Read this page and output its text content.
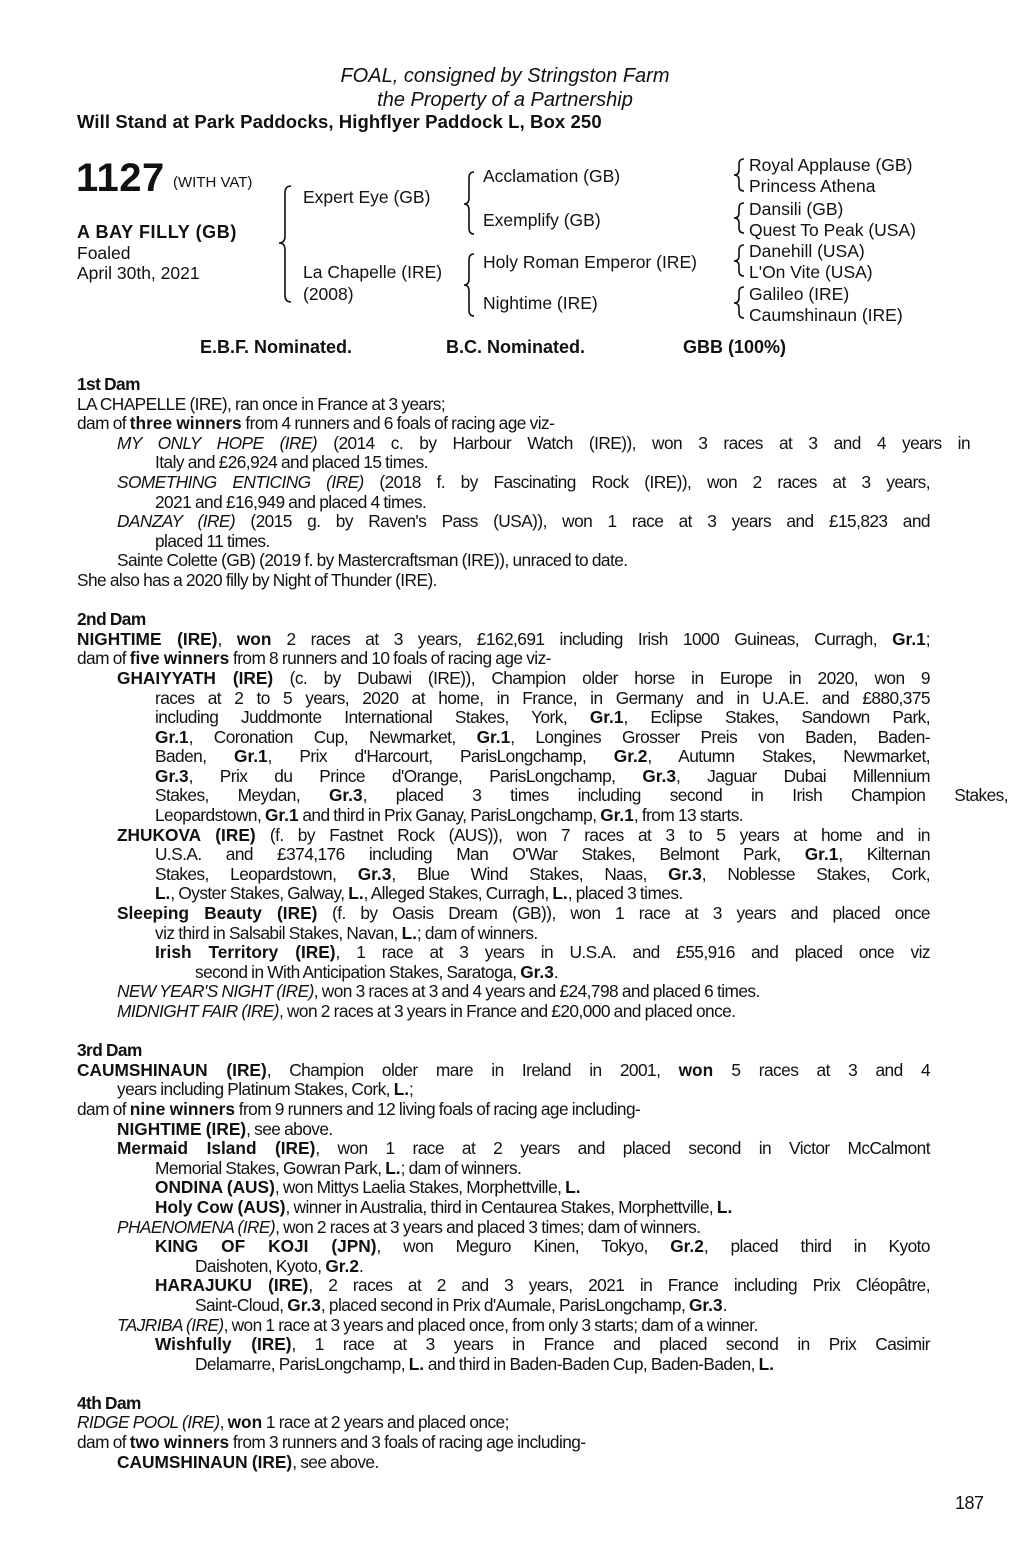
FOAL, consigned by Stringston Farm
the Property of a Partnership
Will Stand at Park Paddocks, Highflyer Paddock L, Box 250
1127 (WITH VAT)
A BAY FILLY (GB)
Foaled
April 30th, 2021
Expert Eye (GB)
La Chapelle (IRE)
(2008)
Acclamation (GB)
Exemplify (GB)
Holy Roman Emperor (IRE)
Nightime (IRE)
Royal Applause (GB)
Princess Athena
Dansili (GB)
Quest To Peak (USA)
Danehill (USA)
L'On Vite (USA)
Galileo (IRE)
Caumshinaun (IRE)
E.B.F. Nominated.	B.C. Nominated.	GBB (100%)
1st Dam
LA CHAPELLE (IRE), ran once in France at 3 years;
dam of three winners from 4 runners and 6 foals of racing age viz-
MY ONLY HOPE (IRE) (2014 c. by Harbour Watch (IRE)), won 3 races at 3 and 4 years in
Italy and £26,924 and placed 15 times.
SOMETHING ENTICING (IRE) (2018 f. by Fascinating Rock (IRE)), won 2 races at 3 years,
2021 and £16,949 and placed 4 times.
DANZAY (IRE) (2015 g. by Raven's Pass (USA)), won 1 race at 3 years and £15,823 and
placed 11 times.
Sainte Colette (GB) (2019 f. by Mastercraftsman (IRE)), unraced to date.
She also has a 2020 filly by Night of Thunder (IRE).
2nd Dam
NIGHTIME (IRE), won 2 races at 3 years, £162,691 including Irish 1000 Guineas, Curragh, Gr.1;
dam of five winners from 8 runners and 10 foals of racing age viz-
GHAIYYATH (IRE) (c. by Dubawi (IRE)), Champion older horse in Europe in 2020, won 9
races at 2 to 5 years, 2020 at home, in France, in Germany and in U.A.E. and £880,375
including Juddmonte International Stakes, York, Gr.1, Eclipse Stakes, Sandown Park,
Gr.1, Coronation Cup, Newmarket, Gr.1, Longines Grosser Preis von Baden, Baden-
Baden, Gr.1, Prix d'Harcourt, ParisLongchamp, Gr.2, Autumn Stakes, Newmarket,
Gr.3, Prix du Prince d'Orange, ParisLongchamp, Gr.3, Jaguar Dubai Millennium
Stakes, Meydan, Gr.3, placed 3 times including second in Irish Champion Stakes,
Leopardstown, Gr.1 and third in Prix Ganay, ParisLongchamp, Gr.1, from 13 starts.
ZHUKOVA (IRE) (f. by Fastnet Rock (AUS)), won 7 races at 3 to 5 years at home and in
U.S.A. and £374,176 including Man O'War Stakes, Belmont Park, Gr.1, Kilternan
Stakes, Leopardstown, Gr.3, Blue Wind Stakes, Naas, Gr.3, Noblesse Stakes, Cork,
L., Oyster Stakes, Galway, L., Alleged Stakes, Curragh, L., placed 3 times.
Sleeping Beauty (IRE) (f. by Oasis Dream (GB)), won 1 race at 3 years and placed once
viz third in Salsabil Stakes, Navan, L.; dam of winners.
Irish Territory (IRE), 1 race at 3 years in U.S.A. and £55,916 and placed once viz
second in With Anticipation Stakes, Saratoga, Gr.3.
NEW YEAR'S NIGHT (IRE), won 3 races at 3 and 4 years and £24,798 and placed 6 times.
MIDNIGHT FAIR (IRE), won 2 races at 3 years in France and £20,000 and placed once.
3rd Dam
CAUMSHINAUN (IRE), Champion older mare in Ireland in 2001, won 5 races at 3 and 4
years including Platinum Stakes, Cork, L.;
dam of nine winners from 9 runners and 12 living foals of racing age including-
NIGHTIME (IRE), see above.
Mermaid Island (IRE), won 1 race at 2 years and placed second in Victor McCalmont
Memorial Stakes, Gowran Park, L.; dam of winners.
ONDINA (AUS), won Mittys Laelia Stakes, Morphettville, L.
Holy Cow (AUS), winner in Australia, third in Centaurea Stakes, Morphettville, L.
PHAENOMENA (IRE), won 2 races at 3 years and placed 3 times; dam of winners.
KING OF KOJI (JPN), won Meguro Kinen, Tokyo, Gr.2, placed third in Kyoto
Daishoten, Kyoto, Gr.2.
HARAJUKU (IRE), 2 races at 2 and 3 years, 2021 in France including Prix Cléopâtre,
Saint-Cloud, Gr.3, placed second in Prix d'Aumale, ParisLongchamp, Gr.3.
TAJRIBA (IRE), won 1 race at 3 years and placed once, from only 3 starts; dam of a winner.
Wishfully (IRE), 1 race at 3 years in France and placed second in Prix Casimir
Delamarre, ParisLongchamp, L. and third in Baden-Baden Cup, Baden-Baden, L.
4th Dam
RIDGE POOL (IRE), won 1 race at 2 years and placed once;
dam of two winners from 3 runners and 3 foals of racing age including-
CAUMSHINAUN (IRE), see above.
187
